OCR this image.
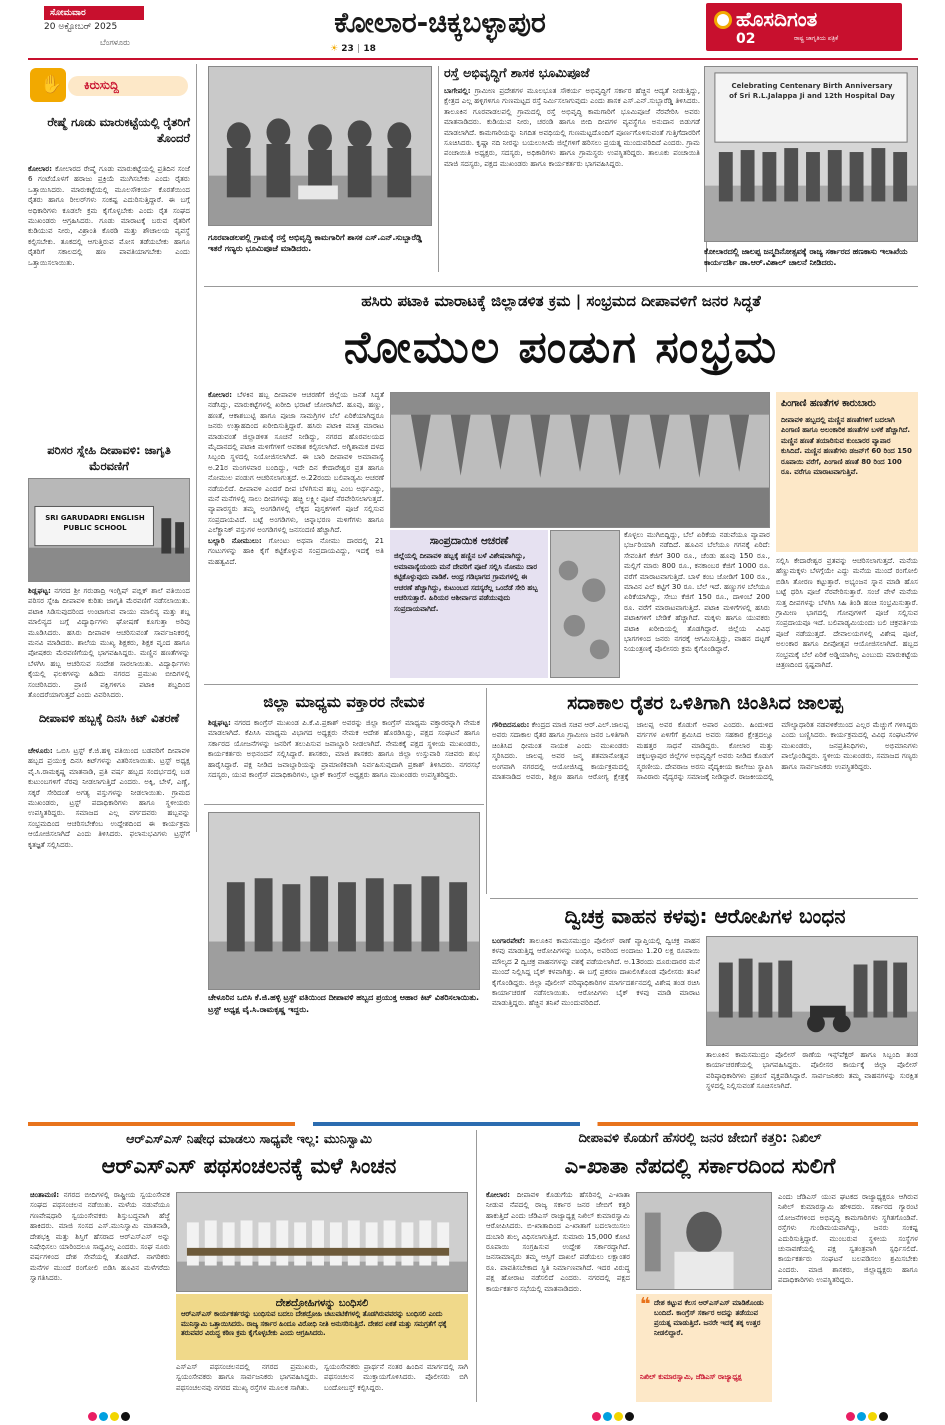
ಸೋಮವಾರ
20 ಅಕ್ಟೋಬರ್ 2025
ಬೆಂಗಳೂರು
ಕೋಲಾರ-ಚಿಕ್ಕಬಳ್ಳಾಪುರ
☀ 23 | 18
ಹೊಸದಿಗಂತ
ರಾಷ್ಟ್ರ ಜಾಗೃತಿಯ ಪತ್ರಿಕೆ
02
✋ ಕಿರುಸುದ್ದಿ
ರೇಷ್ಮೆ ಗೂಡು ಮಾರುಕಟ್ಟೆಯಲ್ಲಿ ರೈತರಿಗೆ ತೊಂದರೆ
ಕೋಲಾರ: ಕೋಲಾರದ ರೇಷ್ಮೆ ಗೂಡು ಮಾರುಕಟ್ಟೆಯಲ್ಲಿ ಪ್ರತಿದಿನ ಸಂಜೆ 6 ಗಂಟೆಯೊಳಗೆ ಹರಾಜು ಪ್ರಕ್ರಿಯೆ ಮುಗಿಸಬೇಕು ಎಂದು ರೈತರು ಒತ್ತಾಯಿಸಿದರು. ಮಾರುಕಟ್ಟೆಯಲ್ಲಿ ಮೂಲಸೌಕರ್ಯ ಕೊರತೆಯಿಂದ ರೈತರು ಹಾಗೂ ರೀಲರ್‌ಗಳು ಸಂಕಷ್ಟ ಎದುರಿಸುತ್ತಿದ್ದಾರೆ. ಈ ಬಗ್ಗೆ ಅಧಿಕಾರಿಗಳು ಕೂಡಲೇ ಕ್ರಮ ಕೈಗೊಳ್ಳಬೇಕು ಎಂದು ರೈತ ಸಂಘದ ಮುಖಂಡರು ಆಗ್ರಹಿಸಿದರು. ಗೂಡು ಮಾರಾಟಕ್ಕೆ ಬರುವ ರೈತರಿಗೆ ಕುಡಿಯುವ ನೀರು, ವಿಶ್ರಾಂತಿ ಕೊಠಡಿ ಮತ್ತು ಶೌಚಾಲಯ ವ್ಯವಸ್ಥೆ ಕಲ್ಪಿಸಬೇಕು. ತೂಕದಲ್ಲಿ ಆಗುತ್ತಿರುವ ಮೋಸ ತಡೆಯಬೇಕು ಹಾಗೂ ರೈತರಿಗೆ ಸಕಾಲದಲ್ಲಿ ಹಣ ಪಾವತಿಯಾಗಬೇಕು ಎಂದು ಒತ್ತಾಯಿಸಲಾಯಿತು.
ಪರಿಸರ ಸ್ನೇಹಿ ದೀಪಾವಳಿ: ಜಾಗೃತಿ ಮೆರವಣಿಗೆ
SRI GARUDADRI ENGLISH PUBLIC SCHOOL
ಶಿಡ್ಲಘಟ್ಟ: ನಗರದ ಶ್ರೀ ಗರುಡಾದ್ರಿ ಇಂಗ್ಲಿಷ್ ಪಬ್ಲಿಕ್ ಶಾಲೆ ವತಿಯಿಂದ ಪರಿಸರ ಸ್ನೇಹಿ ದೀಪಾವಳಿ ಕುರಿತು ಜಾಗೃತಿ ಮೆರವಣಿಗೆ ನಡೆಸಲಾಯಿತು. ಪಟಾಕಿ ಸಿಡಿಸುವುದರಿಂದ ಉಂಟಾಗುವ ವಾಯು ಮಾಲಿನ್ಯ ಮತ್ತು ಶಬ್ದ ಮಾಲಿನ್ಯದ ಬಗ್ಗೆ ವಿದ್ಯಾರ್ಥಿಗಳು ಘೋಷಣೆ ಕೂಗುತ್ತಾ ಅರಿವು ಮೂಡಿಸಿದರು. ಹಸಿರು ದೀಪಾವಳಿ ಆಚರಿಸುವಂತೆ ಸಾರ್ವಜನಿಕರಲ್ಲಿ ಮನವಿ ಮಾಡಿದರು. ಶಾಲೆಯ ಮುಖ್ಯ ಶಿಕ್ಷಕರು, ಶಿಕ್ಷಕ ವೃಂದ ಹಾಗೂ ಪೋಷಕರು ಮೆರವಣಿಗೆಯಲ್ಲಿ ಭಾಗವಹಿಸಿದ್ದರು. ಮಣ್ಣಿನ ಹಣತೆಗಳನ್ನು ಬೆಳಗಿಸಿ ಹಬ್ಬ ಆಚರಿಸುವ ಸಂದೇಶ ಸಾರಲಾಯಿತು. ವಿದ್ಯಾರ್ಥಿಗಳು ಕೈಯಲ್ಲಿ ಫಲಕಗಳನ್ನು ಹಿಡಿದು ನಗರದ ಪ್ರಮುಖ ಬೀದಿಗಳಲ್ಲಿ ಸಂಚರಿಸಿದರು. ಪ್ರಾಣಿ ಪಕ್ಷಿಗಳಿಗೂ ಪಟಾಕಿ ಶಬ್ದದಿಂದ ತೊಂದರೆಯಾಗುತ್ತದೆ ಎಂದು ವಿವರಿಸಿದರು.
ದೀಪಾವಳಿ ಹಬ್ಬಕ್ಕೆ ದಿನಸಿ ಕಿಟ್ ವಿತರಣೆ
ಚೇಳೂರು: ಒಬಿಸಿ ಟ್ರಸ್ಟ್ ಕೆ.ಜಿ.ಹಳ್ಳಿ ವತಿಯಿಂದ ಬಡವರಿಗೆ ದೀಪಾವಳಿ ಹಬ್ಬದ ಪ್ರಯುಕ್ತ ದಿನಸಿ ಕಿಟ್‌ಗಳನ್ನು ವಿತರಿಸಲಾಯಿತು. ಟ್ರಸ್ಟ್ ಅಧ್ಯಕ್ಷ ವೈ.ಸಿ.ರಾಮಕೃಷ್ಣ ಮಾತನಾಡಿ, ಪ್ರತಿ ವರ್ಷ ಹಬ್ಬದ ಸಂದರ್ಭದಲ್ಲಿ ಬಡ ಕುಟುಂಬಗಳಿಗೆ ನೆರವು ನೀಡಲಾಗುತ್ತಿದೆ ಎಂದರು. ಅಕ್ಕಿ, ಬೇಳೆ, ಎಣ್ಣೆ, ಸಕ್ಕರೆ ಸೇರಿದಂತೆ ಅಗತ್ಯ ವಸ್ತುಗಳನ್ನು ನೀಡಲಾಯಿತು. ಗ್ರಾಮದ ಮುಖಂಡರು, ಟ್ರಸ್ಟ್ ಪದಾಧಿಕಾರಿಗಳು ಹಾಗೂ ಸ್ಥಳೀಯರು ಉಪಸ್ಥಿತರಿದ್ದರು. ಸಮಾಜದ ಎಲ್ಲ ವರ್ಗದವರು ಹಬ್ಬವನ್ನು ಸಂಭ್ರಮದಿಂದ ಆಚರಿಸಬೇಕೆಂಬ ಉದ್ದೇಶದಿಂದ ಈ ಕಾರ್ಯಕ್ರಮ ಆಯೋಜಿಸಲಾಗಿದೆ ಎಂದು ತಿಳಿಸಿದರು. ಫಲಾನುಭವಿಗಳು ಟ್ರಸ್ಟ್‌ಗೆ ಕೃತಜ್ಞತೆ ಸಲ್ಲಿಸಿದರು.
ಗೂರವಾಡಲಪಲ್ಲಿ ಗ್ರಾಮಕ್ಕೆ ರಸ್ತೆ ಅಭಿವೃದ್ಧಿ ಕಾಮಗಾರಿಗೆ ಶಾಸಕ ಎಸ್.ಎನ್.ಸುಬ್ಬಾರೆಡ್ಡಿ ಇತರೆ ಗಣ್ಯರು ಭೂಮಿಪೂಜೆ ಮಾಡಿದರು.
ರಸ್ತೆ ಅಭಿವೃದ್ಧಿಗೆ ಶಾಸಕ ಭೂಮಿಪೂಜೆ
ಬಾಗೇಪಲ್ಲಿ: ಗ್ರಾಮೀಣ ಪ್ರದೇಶಗಳ ಮೂಲಭೂತ ಸೌಕರ್ಯ ಅಭಿವೃದ್ಧಿಗೆ ಸರ್ಕಾರ ಹೆಚ್ಚಿನ ಆದ್ಯತೆ ನೀಡುತ್ತಿದ್ದು, ಕ್ಷೇತ್ರದ ಎಲ್ಲ ಹಳ್ಳಿಗಳಿಗೂ ಗುಣಮಟ್ಟದ ರಸ್ತೆ ನಿರ್ಮಿಸಲಾಗುವುದು ಎಂದು ಶಾಸಕ ಎಸ್.ಎನ್.ಸುಬ್ಬಾರೆಡ್ಡಿ ತಿಳಿಸಿದರು. ತಾಲೂಕಿನ ಗೂರವಾಡಲಪಲ್ಲಿ ಗ್ರಾಮದಲ್ಲಿ ರಸ್ತೆ ಅಭಿವೃದ್ಧಿ ಕಾಮಗಾರಿಗೆ ಭೂಮಿಪೂಜೆ ನೆರವೇರಿಸಿ ಅವರು ಮಾತನಾಡಿದರು. ಕುಡಿಯುವ ನೀರು, ಚರಂಡಿ ಹಾಗೂ ಬೀದಿ ದೀಪಗಳ ವ್ಯವಸ್ಥೆಗೂ ಅನುದಾನ ಬಿಡುಗಡೆ ಮಾಡಲಾಗಿದೆ. ಕಾಮಗಾರಿಯನ್ನು ನಿಗದಿತ ಅವಧಿಯಲ್ಲಿ ಗುಣಮಟ್ಟದೊಂದಿಗೆ ಪೂರ್ಣಗೊಳಿಸುವಂತೆ ಗುತ್ತಿಗೆದಾರರಿಗೆ ಸೂಚಿಸಿದರು. ಕೃಷ್ಣಾ ನದಿ ನೀರನ್ನು ಬಯಲುಸೀಮೆ ಜಿಲ್ಲೆಗಳಿಗೆ ಹರಿಸಲು ಪ್ರಯತ್ನ ಮುಂದುವರಿದಿದೆ ಎಂದರು. ಗ್ರಾಮ ಪಂಚಾಯಿತಿ ಅಧ್ಯಕ್ಷರು, ಸದಸ್ಯರು, ಅಧಿಕಾರಿಗಳು ಹಾಗೂ ಗ್ರಾಮಸ್ಥರು ಉಪಸ್ಥಿತರಿದ್ದರು. ತಾಲೂಕು ಪಂಚಾಯಿತಿ ಮಾಜಿ ಸದಸ್ಯರು, ಪಕ್ಷದ ಮುಖಂಡರು ಹಾಗೂ ಕಾರ್ಯಕರ್ತರು ಭಾಗವಹಿಸಿದ್ದರು.
Celebrating Centenary Birth Anniversary of Sri R.L.Jalappa Ji and 12th Hospital Day
ಕೋಲಾರದಲ್ಲಿ ಜಾಲಪ್ಪ ಜನ್ಮದಿನೋತ್ಸವಕ್ಕೆ ರಾಜ್ಯ ಸರ್ಕಾರದ ಹಣಕಾಸು ಇಲಾಖೆಯ ಕಾರ್ಯದರ್ಶಿ ಡಾ.ಆರ್.ವಿಶಾಲ್ ಚಾಲನೆ ನೀಡಿದರು.
ಹಸಿರು ಪಟಾಕಿ ಮಾರಾಟಕ್ಕೆ ಜಿಲ್ಲಾಡಳಿತ ಕ್ರಮ | ಸಂಭ್ರಮದ ದೀಪಾವಳಿಗೆ ಜನರ ಸಿದ್ಧತೆ
ನೋಮುಲ ಪಂಡುಗ ಸಂಭ್ರಮ
ಕೋಲಾರ: ಬೆಳಕಿನ ಹಬ್ಬ ದೀಪಾವಳಿ ಆಚರಣೆಗೆ ಜಿಲ್ಲೆಯ ಜನತೆ ಸಿದ್ಧತೆ ನಡೆಸಿದ್ದು, ಮಾರುಕಟ್ಟೆಗಳಲ್ಲಿ ಖರೀದಿ ಭರಾಟೆ ಜೋರಾಗಿದೆ. ಹೂವು, ಹಣ್ಣು, ಹಣತೆ, ಆಕಾಶಬುಟ್ಟಿ ಹಾಗೂ ಪೂಜಾ ಸಾಮಗ್ರಿಗಳ ಬೆಲೆ ಏರಿಕೆಯಾಗಿದ್ದರೂ ಜನರು ಉತ್ಸಾಹದಿಂದ ಖರೀದಿಸುತ್ತಿದ್ದಾರೆ. ಹಸಿರು ಪಟಾಕಿ ಮಾತ್ರ ಮಾರಾಟ ಮಾಡುವಂತೆ ಜಿಲ್ಲಾಡಳಿತ ಸೂಚನೆ ನೀಡಿದ್ದು, ನಗರದ ಹೊರವಲಯದ ಮೈದಾನದಲ್ಲಿ ಪಟಾಕಿ ಮಳಿಗೆಗಳಿಗೆ ಅವಕಾಶ ಕಲ್ಪಿಸಲಾಗಿದೆ. ಅಗ್ನಿಶಾಮಕ ದಳದ ಸಿಬ್ಬಂದಿ ಸ್ಥಳದಲ್ಲಿ ನಿಯೋಜಿಸಲಾಗಿದೆ. ಈ ಬಾರಿ ದೀಪಾವಳಿ ಅಮಾವಾಸ್ಯೆ ಅ.21ರ ಮಂಗಳವಾರ ಬಂದಿದ್ದು, ಇದೇ ದಿನ ಕೇದಾರೇಶ್ವರ ವ್ರತ ಹಾಗೂ ನೋಮುಲ ಪಂಡುಗ ಆಚರಿಸಲಾಗುತ್ತದೆ. ಅ.22ರಂದು ಬಲಿಪಾಡ್ಯಮಿ ಆಚರಣೆ ನಡೆಯಲಿದೆ. ದೀಪಾವಳಿ ಎಂದರೆ ದೀಪ ಬೆಳಗಿಸುವ ಹಬ್ಬ ಎಂಬ ಅರ್ಥವಿದ್ದು, ಮನೆ ಮನೆಗಳಲ್ಲಿ ಸಾಲು ದೀಪಗಳನ್ನು ಹಚ್ಚಿ ಲಕ್ಷ್ಮೀ ಪೂಜೆ ನೆರವೇರಿಸಲಾಗುತ್ತದೆ. ವ್ಯಾಪಾರಸ್ಥರು ತಮ್ಮ ಅಂಗಡಿಗಳಲ್ಲಿ ಲೆಕ್ಕದ ಪುಸ್ತಕಗಳಿಗೆ ಪೂಜೆ ಸಲ್ಲಿಸುವ ಸಂಪ್ರದಾಯವಿದೆ. ಬಟ್ಟೆ ಅಂಗಡಿಗಳು, ಚಿನ್ನಾಭರಣ ಮಳಿಗೆಗಳು ಹಾಗೂ ಎಲೆಕ್ಟ್ರಾನಿಕ್ ವಸ್ತುಗಳ ಅಂಗಡಿಗಳಲ್ಲಿ ಜನಸಂದಣಿ ಹೆಚ್ಚಾಗಿದೆ.
ಬಲ್ಲಾರಿ ನೋಮುಲು: ಗೋಂಟು ಅಥವಾ ನೋಮು ದಾರದಲ್ಲಿ 21 ಗಂಟುಗಳನ್ನು ಹಾಕಿ ಕೈಗೆ ಕಟ್ಟಿಕೊಳ್ಳುವ ಸಂಪ್ರದಾಯವಿದ್ದು, ಇದಕ್ಕೆ ಅತಿ ಮಹತ್ವವಿದೆ.
ಸಾಂಪ್ರದಾಯಿಕ ಆಚರಣೆ
ಜಿಲ್ಲೆಯಲ್ಲಿ ದೀಪಾವಳಿ ಹಬ್ಬಕ್ಕೆ ಹಣ್ಣಿನ ಬಳೆ ವಿಶೇಷವಾಗಿದ್ದು, ಅಮಾವಾಸ್ಯೆಯಂದು ಮನೆ ದೇವರಿಗೆ ಪೂಜೆ ಸಲ್ಲಿಸಿ ನೋಮು ದಾರ ಕಟ್ಟಿಕೊಳ್ಳುವುದು ವಾಡಿಕೆ. ಆಂಧ್ರ ಗಡಿಭಾಗದ ಗ್ರಾಮಗಳಲ್ಲಿ ಈ ಆಚರಣೆ ಹೆಚ್ಚಾಗಿದ್ದು, ಕುಟುಂಬದ ಸದಸ್ಯರೆಲ್ಲ ಒಂದೆಡೆ ಸೇರಿ ಹಬ್ಬ ಆಚರಿಸುತ್ತಾರೆ. ಹಿರಿಯರ ಆಶೀರ್ವಾದ ಪಡೆಯುವುದು ಸಂಪ್ರದಾಯವಾಗಿದೆ.
ಕೊಳ್ಳಲು ಮುಗಿಬಿದ್ದಿದ್ದು, ಬೆಲೆ ಏರಿಕೆಯ ನಡುವೆಯೂ ವ್ಯಾಪಾರ ಭರ್ಜರಿಯಾಗಿ ನಡೆದಿದೆ. ಹೂವಿನ ಬೆಲೆಯೂ ಗಗನಕ್ಕೆ ಏರಿದೆ: ಸೇವಂತಿಗೆ ಕೆಜಿಗೆ 300 ರೂ., ಚೆಂಡು ಹೂವು 150 ರೂ., ಮಲ್ಲಿಗೆ ಮಾರು 800 ರೂ., ಕನಕಾಂಬರ ಕೆಜಿಗೆ 1000 ರೂ. ವರೆಗೆ ಮಾರಾಟವಾಗುತ್ತಿದೆ. ಬಾಳೆ ಕಂಬ ಜೋಡಿಗೆ 100 ರೂ., ಮಾವಿನ ಎಲೆ ಕಟ್ಟಿಗೆ 30 ರೂ. ಬೆಲೆ ಇದೆ. ಹಣ್ಣುಗಳ ಬೆಲೆಯೂ ಏರಿಕೆಯಾಗಿದ್ದು, ಸೇಬು ಕೆಜಿಗೆ 150 ರೂ., ದಾಳಿಂಬೆ 200 ರೂ. ವರೆಗೆ ಮಾರಾಟವಾಗುತ್ತಿದೆ. ಪಟಾಕಿ ಮಳಿಗೆಗಳಲ್ಲಿ ಹಸಿರು ಪಟಾಕಿಗಳಿಗೆ ಬೇಡಿಕೆ ಹೆಚ್ಚಾಗಿದೆ. ಮಕ್ಕಳು ಹಾಗೂ ಯುವಕರು ಪಟಾಕಿ ಖರೀದಿಯಲ್ಲಿ ತೊಡಗಿದ್ದಾರೆ. ಜಿಲ್ಲೆಯ ವಿವಿಧ ಭಾಗಗಳಿಂದ ಜನರು ನಗರಕ್ಕೆ ಆಗಮಿಸುತ್ತಿದ್ದು, ವಾಹನ ದಟ್ಟಣೆ ನಿಯಂತ್ರಣಕ್ಕೆ ಪೊಲೀಸರು ಕ್ರಮ ಕೈಗೊಂಡಿದ್ದಾರೆ.
ಪಿಂಗಾಣಿ ಹಣತೆಗಳ ಕಾರುಬಾರು
ದೀಪಾವಳಿ ಹಬ್ಬದಲ್ಲಿ ಮಣ್ಣಿನ ಹಣತೆಗಳಿಗೆ ಬದಲಾಗಿ ಪಿಂಗಾಣಿ ಹಾಗೂ ಅಲಂಕಾರಿಕ ಹಣತೆಗಳ ಬಳಕೆ ಹೆಚ್ಚಾಗಿದೆ. ಮಣ್ಣಿನ ಹಣತೆ ತಯಾರಿಸುವ ಕುಂಬಾರರ ವ್ಯಾಪಾರ ಕುಸಿದಿದೆ. ಮಣ್ಣಿನ ಹಣತೆಗಳು ಡಜನ್‌ಗೆ 60 ರಿಂದ 150 ರೂಪಾಯಿ ವರೆಗೆ, ಪಿಂಗಾಣಿ ಹಣತೆ 80 ರಿಂದ 100 ರೂ. ವರೆಗೂ ಮಾರಾಟವಾಗುತ್ತಿವೆ.
ಸಲ್ಲಿಸಿ ಕೇದಾರೇಶ್ವರ ವ್ರತವನ್ನು ಆಚರಿಸಲಾಗುತ್ತದೆ. ಮನೆಯ ಹೆಣ್ಣುಮಕ್ಕಳು ಬೆಳಗ್ಗೆಯೇ ಎದ್ದು ಮನೆಯ ಮುಂದೆ ರಂಗೋಲಿ ಬಿಡಿಸಿ ತೋರಣ ಕಟ್ಟುತ್ತಾರೆ. ಅಭ್ಯಂಜನ ಸ್ನಾನ ಮಾಡಿ ಹೊಸ ಬಟ್ಟೆ ಧರಿಸಿ ಪೂಜೆ ನೆರವೇರಿಸುತ್ತಾರೆ. ಸಂಜೆ ವೇಳೆ ಮನೆಯ ಸುತ್ತ ದೀಪಗಳನ್ನು ಬೆಳಗಿಸಿ ಸಿಹಿ ತಿಂಡಿ ಹಂಚಿ ಸಂಭ್ರಮಿಸುತ್ತಾರೆ. ಗ್ರಾಮೀಣ ಭಾಗದಲ್ಲಿ ಗೋವುಗಳಿಗೆ ಪೂಜೆ ಸಲ್ಲಿಸುವ ಸಂಪ್ರದಾಯವೂ ಇದೆ. ಬಲಿಪಾಡ್ಯಮಿಯಂದು ಬಲಿ ಚಕ್ರವರ್ತಿಯ ಪೂಜೆ ನಡೆಯುತ್ತದೆ. ದೇವಾಲಯಗಳಲ್ಲಿ ವಿಶೇಷ ಪೂಜೆ, ಅಲಂಕಾರ ಹಾಗೂ ದೀಪೋತ್ಸವ ಆಯೋಜಿಸಲಾಗಿದೆ. ಹಬ್ಬದ ಸಂಭ್ರಮಕ್ಕೆ ಬೆಲೆ ಏರಿಕೆ ಅಡ್ಡಿಯಾಗಿಲ್ಲ ಎಂಬುದು ಮಾರುಕಟ್ಟೆಯ ಚಿತ್ರಣದಿಂದ ಸ್ಪಷ್ಟವಾಗಿದೆ.
ಜಿಲ್ಲಾ ಮಾಧ್ಯಮ ವಕ್ತಾರರ ನೇಮಕ
ಶಿಡ್ಲಘಟ್ಟ: ನಗರದ ಕಾಂಗ್ರೆಸ್ ಮುಖಂಡ ಪಿ.ಕೆ.ವಿ.ಪ್ರಕಾಶ್ ಅವರನ್ನು ಜಿಲ್ಲಾ ಕಾಂಗ್ರೆಸ್ ಮಾಧ್ಯಮ ವಕ್ತಾರರನ್ನಾಗಿ ನೇಮಕ ಮಾಡಲಾಗಿದೆ. ಕೆಪಿಸಿಸಿ ಮಾಧ್ಯಮ ವಿಭಾಗದ ಅಧ್ಯಕ್ಷರು ನೇಮಕ ಆದೇಶ ಹೊರಡಿಸಿದ್ದು, ಪಕ್ಷದ ಸಂಘಟನೆ ಹಾಗೂ ಸರ್ಕಾರದ ಯೋಜನೆಗಳನ್ನು ಜನರಿಗೆ ತಲುಪಿಸುವ ಜವಾಬ್ದಾರಿ ನೀಡಲಾಗಿದೆ. ನೇಮಕಕ್ಕೆ ಪಕ್ಷದ ಸ್ಥಳೀಯ ಮುಖಂಡರು, ಕಾರ್ಯಕರ್ತರು ಅಭಿನಂದನೆ ಸಲ್ಲಿಸಿದ್ದಾರೆ. ಶಾಸಕರು, ಮಾಜಿ ಶಾಸಕರು ಹಾಗೂ ಜಿಲ್ಲಾ ಉಸ್ತುವಾರಿ ಸಚಿವರು ಶುಭ ಹಾರೈಸಿದ್ದಾರೆ. ಪಕ್ಷ ನೀಡಿದ ಜವಾಬ್ದಾರಿಯನ್ನು ಪ್ರಾಮಾಣಿಕವಾಗಿ ನಿರ್ವಹಿಸುವುದಾಗಿ ಪ್ರಕಾಶ್ ತಿಳಿಸಿದರು. ನಗರಸಭೆ ಸದಸ್ಯರು, ಯುವ ಕಾಂಗ್ರೆಸ್ ಪದಾಧಿಕಾರಿಗಳು, ಬ್ಲಾಕ್ ಕಾಂಗ್ರೆಸ್ ಅಧ್ಯಕ್ಷರು ಹಾಗೂ ಮುಖಂಡರು ಉಪಸ್ಥಿತರಿದ್ದರು.
ಸದಾಕಾಲ ರೈತರ ಒಳಿತಿಗಾಗಿ ಚಿಂತಿಸಿದ ಜಾಲಪ್ಪ
ಗೌರಿಬಿದನೂರು: ಕೇಂದ್ರದ ಮಾಜಿ ಸಚಿವ ಆರ್.ಎಲ್.ಜಾಲಪ್ಪ ಅವರು ಸದಾಕಾಲ ರೈತರ ಹಾಗೂ ಗ್ರಾಮೀಣ ಜನರ ಒಳಿತಿಗಾಗಿ ಚಿಂತಿಸಿದ ಧೀಮಂತ ನಾಯಕ ಎಂದು ಮುಖಂಡರು ಸ್ಮರಿಸಿದರು. ಜಾಲಪ್ಪ ಅವರ ಜನ್ಮ ಶತಮಾನೋತ್ಸವ ಅಂಗವಾಗಿ ನಗರದಲ್ಲಿ ಆಯೋಜಿಸಿದ್ದ ಕಾರ್ಯಕ್ರಮದಲ್ಲಿ ಮಾತನಾಡಿದ ಅವರು, ಶಿಕ್ಷಣ ಹಾಗೂ ಆರೋಗ್ಯ ಕ್ಷೇತ್ರಕ್ಕೆ ಜಾಲಪ್ಪ ಅವರ ಕೊಡುಗೆ ಅಪಾರ ಎಂದರು. ಹಿಂದುಳಿದ ವರ್ಗಗಳ ಏಳಿಗೆಗೆ ಶ್ರಮಿಸಿದ ಅವರು ಸಹಕಾರ ಕ್ಷೇತ್ರದಲ್ಲೂ ಮಹತ್ತರ ಸಾಧನೆ ಮಾಡಿದ್ದರು. ಕೋಲಾರ ಮತ್ತು ಚಿಕ್ಕಬಳ್ಳಾಪುರ ಜಿಲ್ಲೆಗಳ ಅಭಿವೃದ್ಧಿಗೆ ಅವರು ನೀಡಿದ ಕೊಡುಗೆ ಸ್ಮರಣೀಯ. ದೇವರಾಜ ಅರಸು ವೈದ್ಯಕೀಯ ಕಾಲೇಜು ಸ್ಥಾಪಿಸಿ ಸಾವಿರಾರು ವೈದ್ಯರನ್ನು ಸಮಾಜಕ್ಕೆ ನೀಡಿದ್ದಾರೆ. ರಾಜಕೀಯದಲ್ಲಿ ಮೌಲ್ಯಾಧಾರಿತ ನಡವಳಿಕೆಯಿಂದ ಎಲ್ಲರ ಮೆಚ್ಚುಗೆ ಗಳಿಸಿದ್ದರು ಎಂದು ಬಣ್ಣಿಸಿದರು. ಕಾರ್ಯಕ್ರಮದಲ್ಲಿ ವಿವಿಧ ಸಂಘಟನೆಗಳ ಮುಖಂಡರು, ಜನಪ್ರತಿನಿಧಿಗಳು, ಅಭಿಮಾನಿಗಳು ಪಾಲ್ಗೊಂಡಿದ್ದರು. ಸ್ಥಳೀಯ ಮುಖಂಡರು, ಸಮಾಜದ ಗಣ್ಯರು ಹಾಗೂ ಸಾರ್ವಜನಿಕರು ಉಪಸ್ಥಿತರಿದ್ದರು.
ಚೇಳೂರಿನ ಒಬಿಸಿ ಕೆ.ಜಿ.ಹಳ್ಳಿ ಟ್ರಸ್ಟ್ ವತಿಯಿಂದ ದೀಪಾವಳಿ ಹಬ್ಬದ ಪ್ರಯುಕ್ತ ಆಹಾರ ಕಿಟ್ ವಿತರಿಸಲಾಯಿತು. ಟ್ರಸ್ಟ್ ಅಧ್ಯಕ್ಷ ವೈ.ಸಿ.ರಾಮಕೃಷ್ಣ ಇದ್ದರು.
ದ್ವಿಚಕ್ರ ವಾಹನ ಕಳವು: ಆರೋಪಿಗಳ ಬಂಧನ
ಬಂಗಾರಪೇಟೆ: ತಾಲೂಕಿನ ಕಾಮಸಮುದ್ರಂ ಪೊಲೀಸ್ ಠಾಣೆ ವ್ಯಾಪ್ತಿಯಲ್ಲಿ ದ್ವಿಚಕ್ರ ವಾಹನ ಕಳವು ಮಾಡುತ್ತಿದ್ದ ಆರೋಪಿಗಳನ್ನು ಬಂಧಿಸಿ, ಅವರಿಂದ ಅಂದಾಜು 1.20 ಲಕ್ಷ ರೂಪಾಯಿ ಮೌಲ್ಯದ 2 ದ್ವಿಚಕ್ರ ವಾಹನಗಳನ್ನು ವಶಕ್ಕೆ ಪಡೆಯಲಾಗಿದೆ. ಅ.13ರಂದು ದೂರುದಾರರ ಮನೆ ಮುಂದೆ ನಿಲ್ಲಿಸಿದ್ದ ಬೈಕ್ ಕಳವಾಗಿತ್ತು. ಈ ಬಗ್ಗೆ ಪ್ರಕರಣ ದಾಖಲಿಸಿಕೊಂಡ ಪೊಲೀಸರು ತನಿಖೆ ಕೈಗೊಂಡಿದ್ದರು. ಜಿಲ್ಲಾ ಪೊಲೀಸ್ ವರಿಷ್ಠಾಧಿಕಾರಿಗಳ ಮಾರ್ಗದರ್ಶನದಲ್ಲಿ ವಿಶೇಷ ತಂಡ ರಚಿಸಿ ಕಾರ್ಯಾಚರಣೆ ನಡೆಸಲಾಯಿತು. ಆರೋಪಿಗಳು ಬೈಕ್ ಕಳವು ಮಾಡಿ ಮಾರಾಟ ಮಾಡುತ್ತಿದ್ದರು. ಹೆಚ್ಚಿನ ತನಿಖೆ ಮುಂದುವರಿದಿದೆ.
ತಾಲೂಕಿನ ಕಾಮಸಮುದ್ರಂ ಪೊಲೀಸ್ ಠಾಣೆಯ ಇನ್ಸ್‌ಪೆಕ್ಟರ್ ಹಾಗೂ ಸಿಬ್ಬಂದಿ ತಂಡ ಕಾರ್ಯಾಚರಣೆಯಲ್ಲಿ ಭಾಗವಹಿಸಿದ್ದರು. ಪೊಲೀಸರ ಕಾರ್ಯಕ್ಕೆ ಜಿಲ್ಲಾ ಪೊಲೀಸ್ ವರಿಷ್ಠಾಧಿಕಾರಿಗಳು ಪ್ರಶಂಸೆ ವ್ಯಕ್ತಪಡಿಸಿದ್ದಾರೆ. ಸಾರ್ವಜನಿಕರು ತಮ್ಮ ವಾಹನಗಳನ್ನು ಸುರಕ್ಷಿತ ಸ್ಥಳದಲ್ಲಿ ನಿಲ್ಲಿಸುವಂತೆ ಸೂಚಿಸಲಾಗಿದೆ.
ಆರ್‌ಎಸ್‌ಎಸ್ ನಿಷೇಧ ಮಾಡಲು ಸಾಧ್ಯವೇ ಇಲ್ಲ: ಮುನಿಸ್ವಾಮಿ
ಆರ್‌ಎಸ್‌ಎಸ್ ಪಥಸಂಚಲನಕ್ಕೆ ಮಳೆ ಸಿಂಚನ
ಚಿಂತಾಮಣಿ: ನಗರದ ಬೀದಿಗಳಲ್ಲಿ ರಾಷ್ಟ್ರೀಯ ಸ್ವಯಂಸೇವಕ ಸಂಘದ ಪಥಸಂಚಲನ ನಡೆಯಿತು. ಮಳೆಯ ನಡುವೆಯೂ ಗಣವೇಷಧಾರಿ ಸ್ವಯಂಸೇವಕರು ಶಿಸ್ತುಬದ್ಧವಾಗಿ ಹೆಜ್ಜೆ ಹಾಕಿದರು. ಮಾಜಿ ಸಂಸದ ಎಸ್.ಮುನಿಸ್ವಾಮಿ ಮಾತನಾಡಿ, ದೇಶಭಕ್ತಿ ಮತ್ತು ಶಿಸ್ತಿಗೆ ಹೆಸರಾದ ಆರ್‌ಎಸ್‌ಎಸ್ ಅನ್ನು ನಿಷೇಧಿಸಲು ಯಾರಿಂದಲೂ ಸಾಧ್ಯವಿಲ್ಲ ಎಂದರು. ಸಂಘ ನೂರು ವರ್ಷಗಳಿಂದ ದೇಶ ಸೇವೆಯಲ್ಲಿ ತೊಡಗಿದೆ. ನಾಗರಿಕರು ಮನೆಗಳ ಮುಂದೆ ರಂಗೋಲಿ ಬಿಡಿಸಿ ಹೂವಿನ ಮಳೆಗರೆದು ಸ್ವಾಗತಿಸಿದರು.
ದೇಶದ್ರೋಹಿಗಳನ್ನು ಬಂಧಿಸಲಿ
ಆರ್‌ಎಸ್‌ಎಸ್ ಕಾರ್ಯಕರ್ತರನ್ನು ಬಂಧಿಸುವ ಬದಲು ದೇಶದ್ರೋಹಿ ಚಟುವಟಿಕೆಗಳಲ್ಲಿ ತೊಡಗಿರುವವರನ್ನು ಬಂಧಿಸಲಿ ಎಂದು ಮುನಿಸ್ವಾಮಿ ಒತ್ತಾಯಿಸಿದರು. ರಾಜ್ಯ ಸರ್ಕಾರ ಹಿಂದೂ ವಿರೋಧಿ ನೀತಿ ಅನುಸರಿಸುತ್ತಿದೆ. ದೇಶದ ಏಕತೆ ಮತ್ತು ಸಮಗ್ರತೆಗೆ ಧಕ್ಕೆ ತರುವವರ ವಿರುದ್ಧ ಕಠಿಣ ಕ್ರಮ ಕೈಗೊಳ್ಳಬೇಕು ಎಂದು ಆಗ್ರಹಿಸಿದರು.
ಎಸ್‌ಎಸ್ ಪಥಸಂಚಲನದಲ್ಲಿ ನಗರದ ಪ್ರಮುಖರು, ಸ್ವಯಂಸೇವಕರು ಹಾಗೂ ಸಾರ್ವಜನಿಕರು ಭಾಗವಹಿಸಿದ್ದರು. ಪಥಸಂಚಲನವು ನಗರದ ಮುಖ್ಯ ರಸ್ತೆಗಳ ಮೂಲಕ ಸಾಗಿತು.
ಸ್ವಯಂಸೇವಕರು ಪ್ರಾರ್ಥನೆ ನಂತರ ಹಿಂದಿನ ಮಾರ್ಗದಲ್ಲಿ ಸಾಗಿ ಪಥಸಂಚಲನ ಮುಕ್ತಾಯಗೊಳಿಸಿದರು. ಪೊಲೀಸರು ಬಿಗಿ ಬಂದೋಬಸ್ತ್ ಕಲ್ಪಿಸಿದ್ದರು.
ದೀಪಾವಳಿ ಕೊಡುಗೆ ಹೆಸರಲ್ಲಿ ಜನರ ಜೇಬಿಗೆ ಕತ್ತರಿ: ನಿಖಿಲ್
ಎ-ಖಾತಾ ನೆಪದಲ್ಲಿ ಸರ್ಕಾರದಿಂದ ಸುಲಿಗೆ
ಕೋಲಾರ: ದೀಪಾವಳಿ ಕೊಡುಗೆಯ ಹೆಸರಿನಲ್ಲಿ ಎ-ಖಾತಾ ನೀಡುವ ನೆಪದಲ್ಲಿ ರಾಜ್ಯ ಸರ್ಕಾರ ಜನರ ಜೇಬಿಗೆ ಕತ್ತರಿ ಹಾಕುತ್ತಿದೆ ಎಂದು ಜೆಡಿಎಸ್ ರಾಜ್ಯಾಧ್ಯಕ್ಷ ನಿಖಿಲ್ ಕುಮಾರಸ್ವಾಮಿ ಆರೋಪಿಸಿದರು. ಬಿ-ಖಾತಾದಿಂದ ಎ-ಖಾತಾಗೆ ಬದಲಾಯಿಸಲು ದುಬಾರಿ ಶುಲ್ಕ ವಿಧಿಸಲಾಗುತ್ತಿದೆ. ಸುಮಾರು 15,000 ಕೋಟಿ ರೂಪಾಯಿ ಸಂಗ್ರಹಿಸುವ ಉದ್ದೇಶ ಸರ್ಕಾರದ್ದಾಗಿದೆ. ಜನಸಾಮಾನ್ಯರು ತಮ್ಮ ಆಸ್ತಿಗೆ ದಾಖಲೆ ಪಡೆಯಲು ಲಕ್ಷಾಂತರ ರೂ. ಪಾವತಿಸಬೇಕಾದ ಸ್ಥಿತಿ ನಿರ್ಮಾಣವಾಗಿದೆ. ಇದರ ವಿರುದ್ಧ ಪಕ್ಷ ಹೋರಾಟ ನಡೆಸಲಿದೆ ಎಂದರು. ನಗರದಲ್ಲಿ ಪಕ್ಷದ ಕಾರ್ಯಕರ್ತರ ಸಭೆಯಲ್ಲಿ ಮಾತನಾಡಿದರು.
❝ ದೇಶ ಕಟ್ಟುವ ಕೆಲಸ ಆರ್‌ಎಸ್‌ಎಸ್ ಮಾಡಿಕೊಂಡು ಬಂದಿದೆ. ಕಾಂಗ್ರೆಸ್ ಸರ್ಕಾರ ಅದನ್ನು ತಡೆಯುವ ಪ್ರಯತ್ನ ಮಾಡುತ್ತಿದೆ. ಜನರೇ ಇದಕ್ಕೆ ತಕ್ಕ ಉತ್ತರ ನೀಡಲಿದ್ದಾರೆ.
ನಿಖಿಲ್ ಕುಮಾರಸ್ವಾಮಿ, ಜೆಡಿಎಸ್ ರಾಜ್ಯಾಧ್ಯಕ್ಷ
ಎಂದು ಜೆಡಿಎಸ್ ಯುವ ಘಟಕದ ರಾಜ್ಯಾಧ್ಯಕ್ಷರೂ ಆಗಿರುವ ನಿಖಿಲ್ ಕುಮಾರಸ್ವಾಮಿ ಹೇಳಿದರು. ಸರ್ಕಾರದ ಗ್ಯಾರಂಟಿ ಯೋಜನೆಗಳಿಂದ ಅಭಿವೃದ್ಧಿ ಕಾಮಗಾರಿಗಳು ಸ್ಥಗಿತಗೊಂಡಿವೆ. ರಸ್ತೆಗಳು ಗುಂಡಿಮಯವಾಗಿದ್ದು, ಜನರು ಸಂಕಷ್ಟ ಎದುರಿಸುತ್ತಿದ್ದಾರೆ. ಮುಂಬರುವ ಸ್ಥಳೀಯ ಸಂಸ್ಥೆಗಳ ಚುನಾವಣೆಯಲ್ಲಿ ಪಕ್ಷ ಸ್ವತಂತ್ರವಾಗಿ ಸ್ಪರ್ಧಿಸಲಿದೆ. ಕಾರ್ಯಕರ್ತರು ಸಂಘಟನೆ ಬಲಪಡಿಸಲು ಶ್ರಮಿಸಬೇಕು ಎಂದರು. ಮಾಜಿ ಶಾಸಕರು, ಜಿಲ್ಲಾಧ್ಯಕ್ಷರು ಹಾಗೂ ಪದಾಧಿಕಾರಿಗಳು ಉಪಸ್ಥಿತರಿದ್ದರು.
